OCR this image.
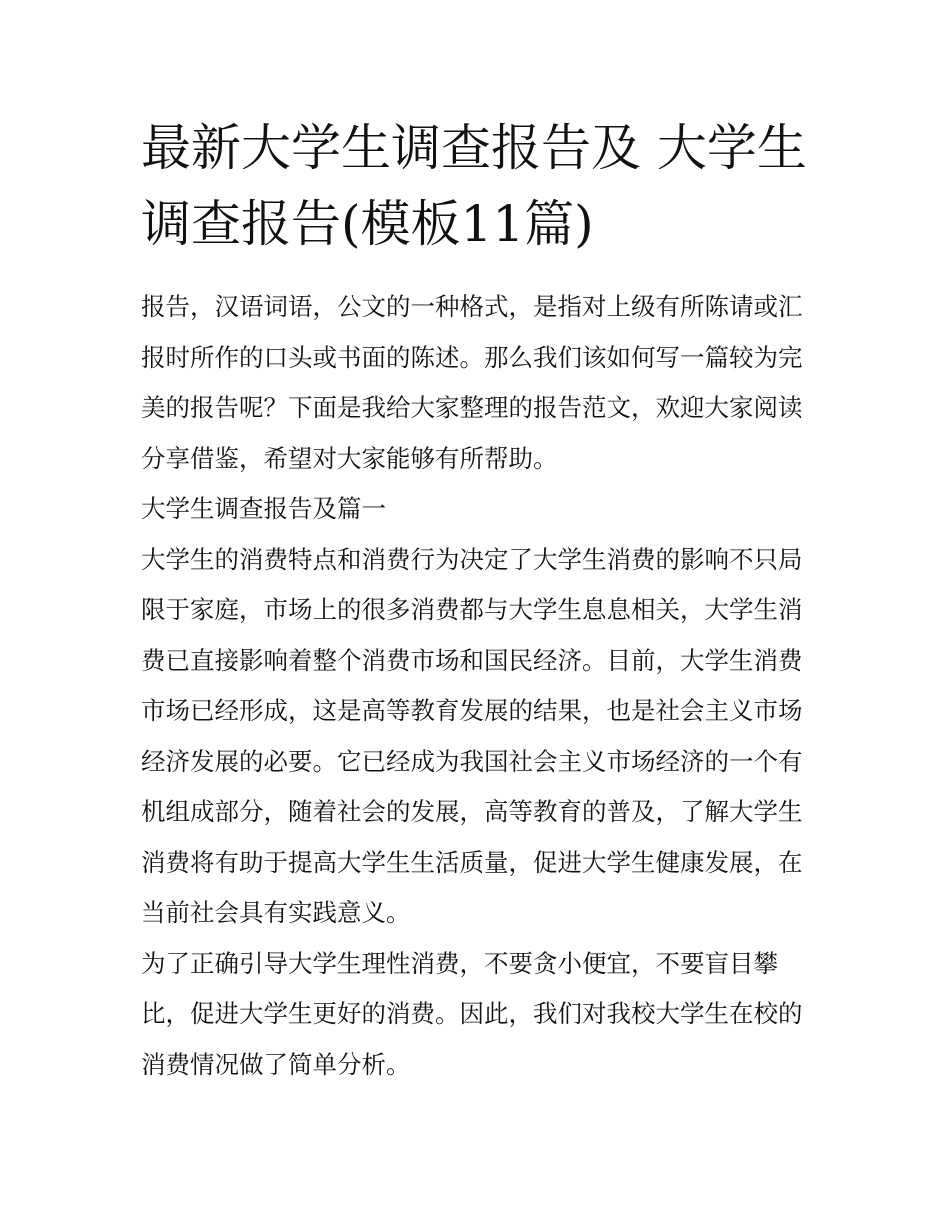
最新大学生调查报告及 大学生调查报告(模板11篇)

报告，汉语词语，公文的一种格式，是指对上级有所陈请或汇报时所作的口头或书面的陈述。那么我们该如何写一篇较为完美的报告呢？下面是我给大家整理的报告范文，欢迎大家阅读分享借鉴，希望对大家能够有所帮助。

大学生调查报告及篇一

大学生的消费特点和消费行为决定了大学生消费的影响不只局限于家庭，市场上的很多消费都与大学生息息相关，大学生消费已直接影响着整个消费市场和国民经济。目前，大学生消费市场已经形成，这是高等教育发展的结果，也是社会主义市场经济发展的必要。它已经成为我国社会主义市场经济的一个有机组成部分，随着社会的发展，高等教育的普及，了解大学生消费将有助于提高大学生生活质量，促进大学生健康发展，在当前社会具有实践意义。

为了正确引导大学生理性消费，不要贪小便宜，不要盲目攀比，促进大学生更好的消费。因此，我们对我校大学生在校的消费情况做了简单分析。
